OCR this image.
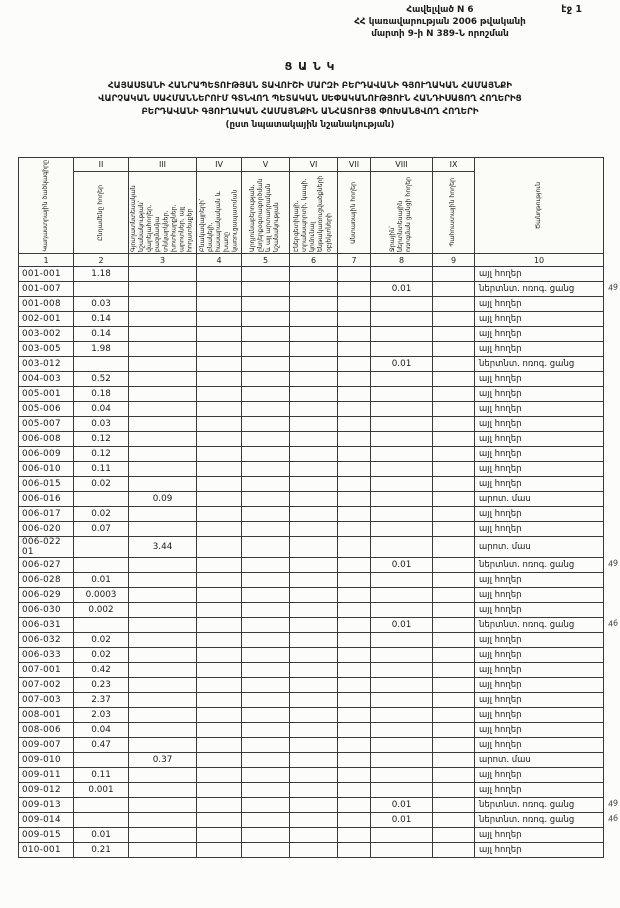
էջ 1
Հավելված N 6
ՀՀ կառավարության 2006 թվականի
մարտի 9-ի N 389-Ն որոշման
Ց Ա Ն Կ
ՀԱՅԱՍՏԱՆԻ ՀԱՆՐԱՊԵՏՈՒԹՅԱՆ ՏԱՎՈՒՇԻ ՄԱՐԶԻ ԲԵՐԴԱՎԱՆԻ ԳՅՈՒՂԱԿԱՆ ՀԱՄԱՅՆՔԻ
ՎԱՐՉԱԿԱՆ ՍԱՀՄԱՆՆԵՐՈՒՄ ԳՏՆՎՈՂ ՊԵՏԱԿԱՆ ՍԵՓԱԿԱՆՈՒԹՅՈՒՆ ՀԱՆԴԻՍԱՑՈՂ ՀՈՂԵՐԻՑ
ԲԵՐԴԱՎԱՆԻ ԳՅՈՒՂԱԿԱՆ ՀԱՄԱՅՆՔԻՆ ԱՆՀԱՏՈՒՅՑ ՓՈԽԱՆՑՎՈՂ ՀՈՂԵՐԻ
(ըստ նպատակային նշանակության)
Կադաստրային ծածկագիրը	II	III	IV	V	VI	VII	VIII	IX	Ծանոթություն

	Ընդամենը հողեր	Գյուղատնտեսական նշանակության՝ վարելահողեր, բազմամյա տնկարկներ, խոտհարքներ, արոտներ, այլ հողատեսքեր	Բնակավայրերի՝ բնակելի, հասարակական և խառը կառուցապատման	Արդյունաբերության, ընդերքօգտագործման և այլ արտադրական նշանակության	Էներգետիկայի, տրանսպորտի, կապի, կոմունալ ենթակառուցվածքների օբյեկտների	Անտառային հողեր	Ջրային՝ ներտնտեսային ոռոգման ցանցի հողեր	Պահուստային հողեր	

1	2	3	4	5	6	7	8	9	10
001-001	1.18								այլ հողեր

001-007							0.01		ներտնտ. ոռոգ. ցանց 49

001-008	0.03								այլ հողեր

002-001	0.14								այլ հողեր

003-002	0.14								այլ հողեր

003-005	1.98								այլ հողեր

003-012							0.01		ներտնտ. ոռոգ. ցանց

004-003	0.52								այլ հողեր

005-001	0.18								այլ հողեր

005-006	0.04								այլ հողեր

005-007	0.03								այլ հողեր

006-008	0.12								այլ հողեր

006-009	0.12								այլ հողեր

006-010	0.11								այլ հողեր

006-015	0.02								այլ հողեր

006-016		0.09							արոտ. մաս

006-017	0.02								այլ հողեր

006-020	0.07								այլ հողեր

006-022 01		3.44							արոտ. մաս

006-027							0.01		ներտնտ. ոռոգ. ցանց 49

006-028	0.01								այլ հողեր

006-029	0.0003								այլ հողեր

006-030	0.002								այլ հողեր

006-031							0.01		ներտնտ. ոռոգ. ցանց 46

006-032	0.02								այլ հողեր

006-033	0.02								այլ հողեր

007-001	0.42								այլ հողեր

007-002	0.23								այլ հողեր

007-003	2.37								այլ հողեր

008-001	2.03								այլ հողեր

008-006	0.04								այլ հողեր

009-007	0.47								այլ հողեր

009-010		0.37							արոտ. մաս

009-011	0.11								այլ հողեր

009-012	0.001								այլ հողեր

009-013							0.01		ներտնտ. ոռոգ. ցանց 49

009-014							0.01		ներտնտ. ոռոգ. ցանց 46

009-015	0.01								այլ հողեր

010-001	0.21								այլ հողեր
